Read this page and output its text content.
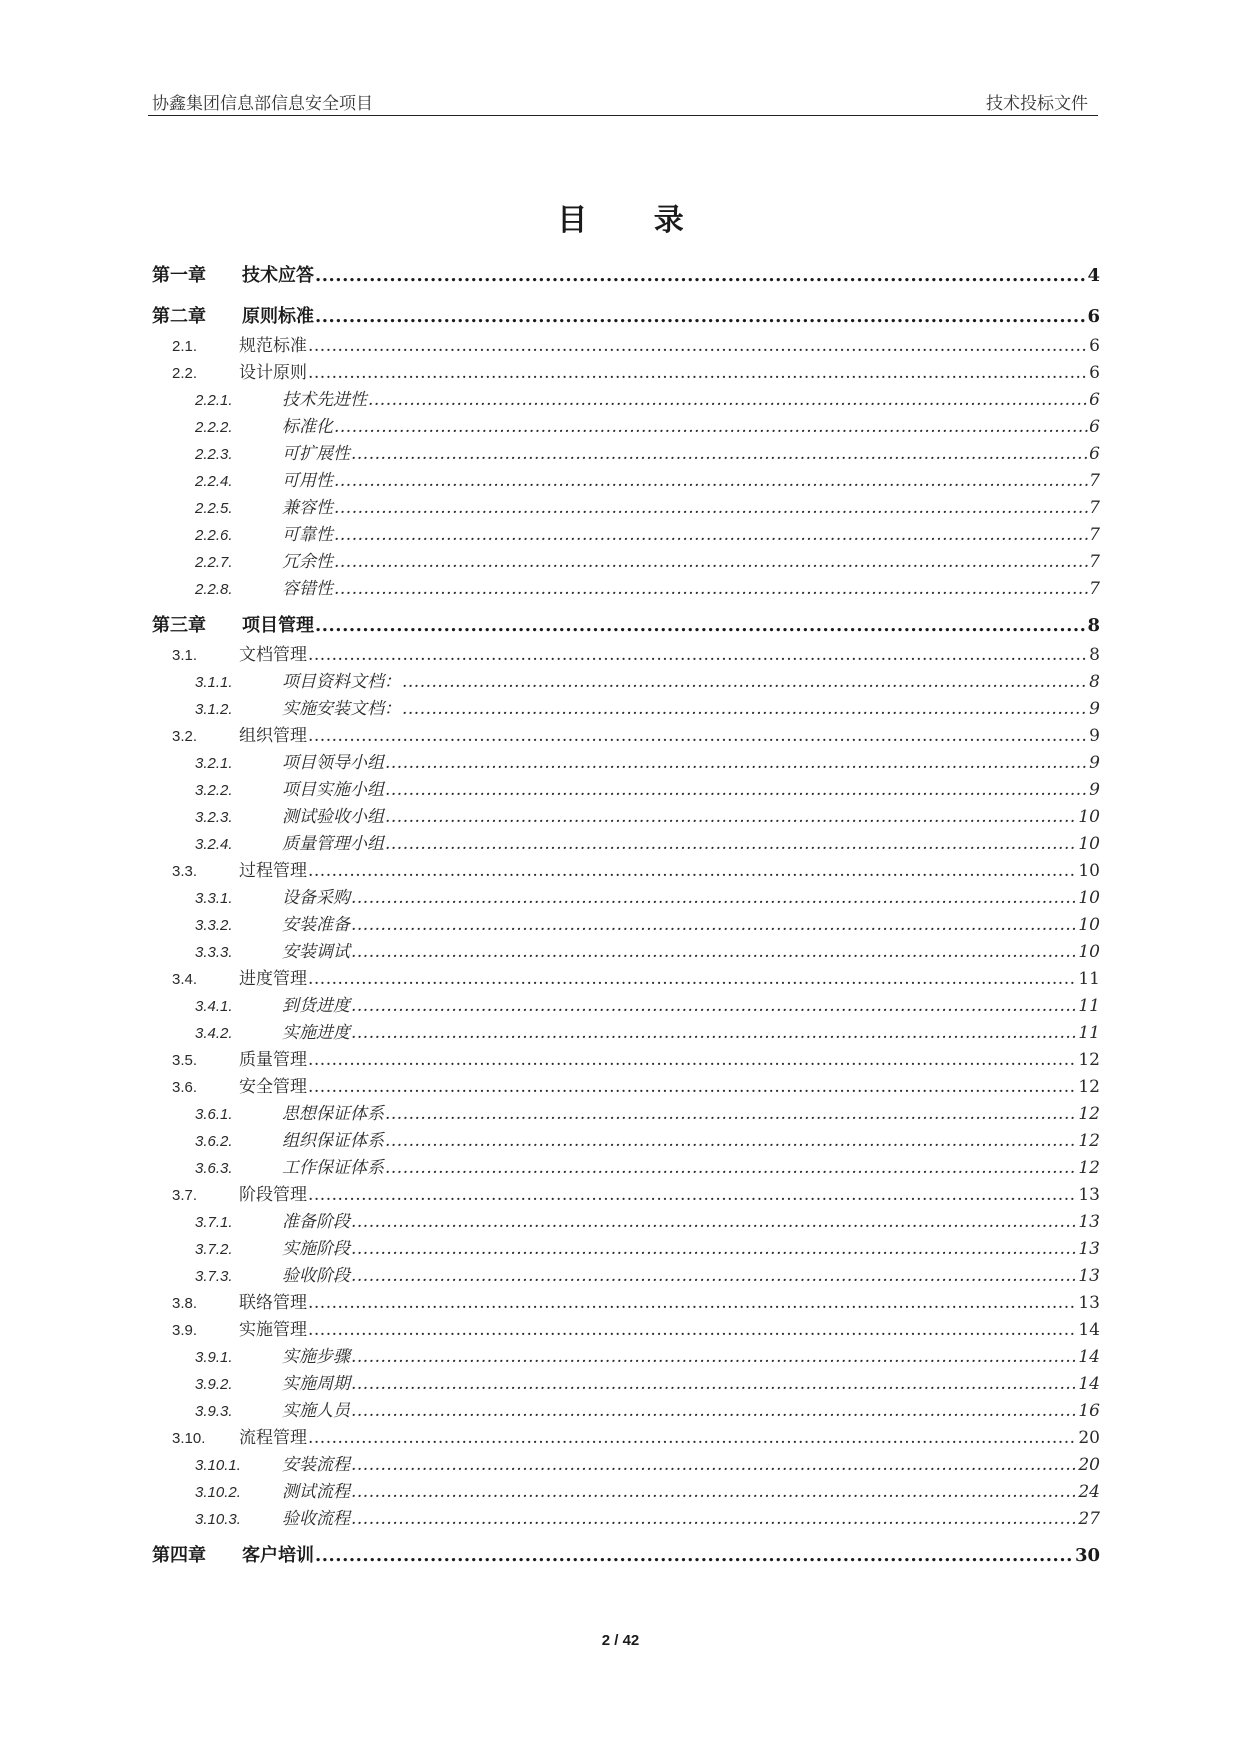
协鑫集团信息部信息安全项目	技术投标文件
目 录
第一章	技术应答 .....	4
第二章	原则标准 .....	6
2.1.	规范标准 .....	6
2.2.	设计原则 .....	6
2.2.1.	技术先进性 .....	6
2.2.2.	标准化 .....	6
2.2.3.	可扩展性 .....	6
2.2.4.	可用性 .....	7
2.2.5.	兼容性 .....	7
2.2.6.	可靠性 .....	7
2.2.7.	冗余性 .....	7
2.2.8.	容错性 .....	7
第三章	项目管理 .....	8
3.1.	文档管理 .....	8
3.1.1.	项目资料文档： .....	8
3.1.2.	实施安装文档： .....	9
3.2.	组织管理 .....	9
3.2.1.	项目领导小组 .....	9
3.2.2.	项目实施小组 .....	9
3.2.3.	测试验收小组 .....	10
3.2.4.	质量管理小组 .....	10
3.3.	过程管理 .....	10
3.3.1.	设备采购 .....	10
3.3.2.	安装准备 .....	10
3.3.3.	安装调试 .....	10
3.4.	进度管理 .....	11
3.4.1.	到货进度 .....	11
3.4.2.	实施进度 .....	11
3.5.	质量管理 .....	12
3.6.	安全管理 .....	12
3.6.1.	思想保证体系 .....	12
3.6.2.	组织保证体系 .....	12
3.6.3.	工作保证体系 .....	12
3.7.	阶段管理 .....	13
3.7.1.	准备阶段 .....	13
3.7.2.	实施阶段 .....	13
3.7.3.	验收阶段 .....	13
3.8.	联络管理 .....	13
3.9.	实施管理 .....	14
3.9.1.	实施步骤 .....	14
3.9.2.	实施周期 .....	14
3.9.3.	实施人员 .....	16
3.10.	流程管理 .....	20
3.10.1.	安装流程 .....	20
3.10.2.	测试流程 .....	24
3.10.3.	验收流程 .....	27
第四章	客户培训 .....	30
2 / 42
